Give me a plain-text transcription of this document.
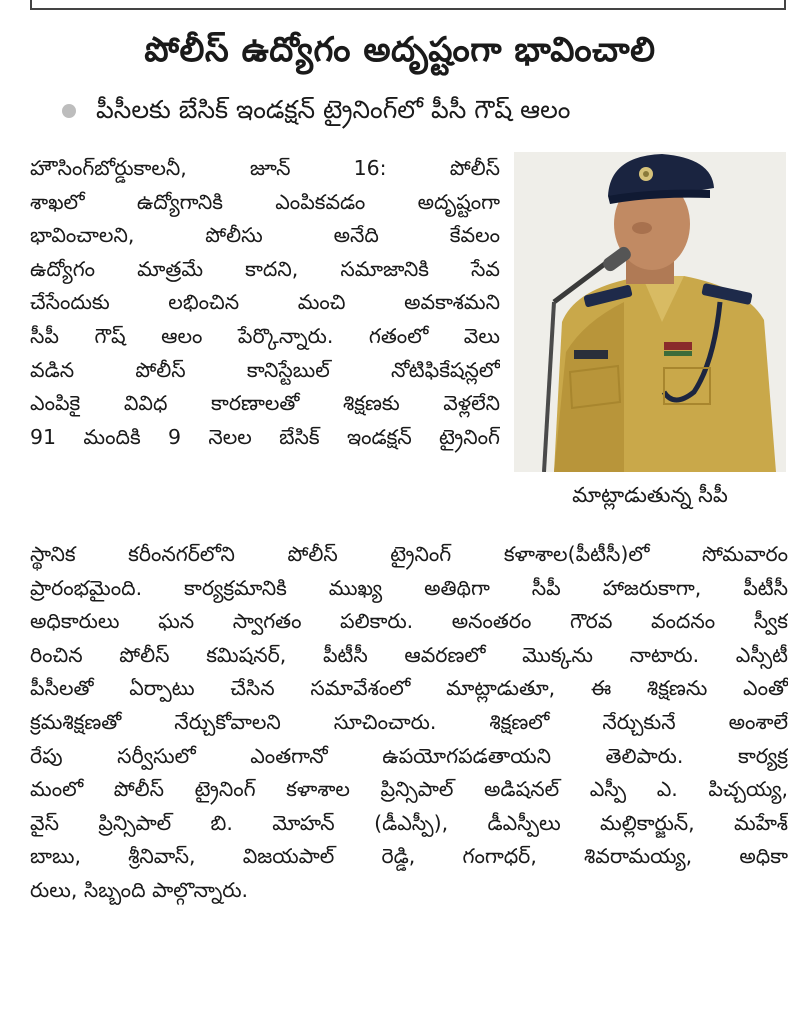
పోలీస్ ఉద్యోగం అదృష్టంగా భావించాలి
పీసీలకు బేసిక్ ఇండక్షన్ ట్రైనింగ్‌లో పీసీ గౌష్ ఆలం
మాట్లాడుతున్న సీపీ
హౌసింగ్‌బోర్డుకాలనీ, జూన్ 16: పోలీస్
శాఖలో ఉద్యోగానికి ఎంపికవడం అదృష్టంగా
భావించాలని, పోలీసు అనేది కేవలం
ఉద్యోగం మాత్రమే కాదని, సమాజానికి సేవ
చేసేందుకు లభించిన మంచి అవకాశమని
సీపీ గౌష్ ఆలం పేర్కొన్నారు. గతంలో వెలు
వడిన పోలీస్ కానిస్టేబుల్ నోటిఫికేషన్లలో
ఎంపికై వివిధ కారణాలతో శిక్షణకు వెళ్లలేని
91 మందికి 9 నెలల బేసిక్ ఇండక్షన్ ట్రైనింగ్
స్థానిక కరీంనగర్‌లోని పోలీస్ ట్రైనింగ్ కళాశాల(పీటీసీ)లో సోమవారం
ప్రారంభమైంది. కార్యక్రమానికి ముఖ్య అతిథిగా సీపీ హాజరుకాగా, పీటీసీ
అధికారులు ఘన స్వాగతం పలికారు. అనంతరం గౌరవ వందనం స్వీక
రించిన పోలీస్ కమిషనర్, పీటీసీ ఆవరణలో మొక్కను నాటారు. ఎస్సీటీ
పీసీలతో ఏర్పాటు చేసిన సమావేశంలో మాట్లాడుతూ, ఈ శిక్షణను ఎంతో
క్రమశిక్షణతో నేర్చుకోవాలని సూచించారు. శిక్షణలో నేర్చుకునే అంశాలే
రేపు సర్వీసులో ఎంతగానో ఉపయోగపడతాయని తెలిపారు. కార్యక్ర
మంలో పోలీస్ ట్రైనింగ్ కళాశాల ప్రిన్సిపాల్ అడిషనల్ ఎస్పీ ఎ. పిచ్చయ్య,
వైస్ ప్రిన్సిపాల్ బి. మోహన్ (డీఎస్పీ), డీఎస్పీలు మల్లికార్జున్, మహేశ్
బాబు, శ్రీనివాస్, విజయపాల్ రెడ్డి, గంగాధర్, శివరామయ్య, అధికా
రులు, సిబ్బంది పాల్గొన్నారు.
